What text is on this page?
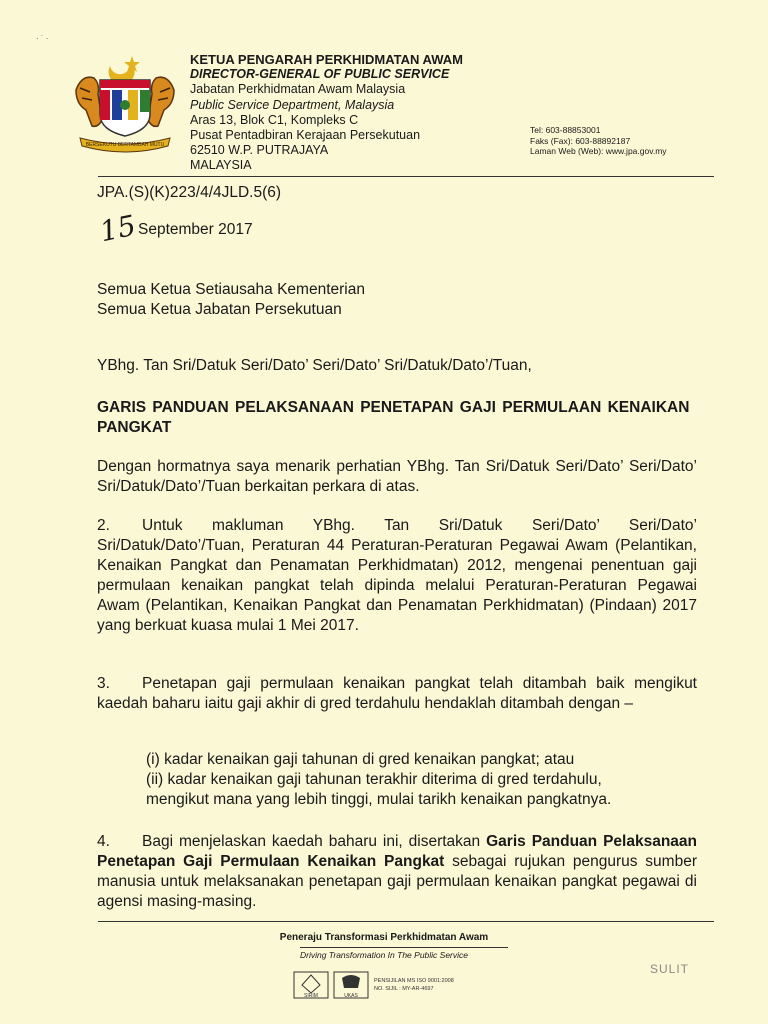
· ˙ ·
BERSEKUTU BERTAMBAH MUTU
KETUA PENGARAH PERKHIDMATAN AWAM
DIRECTOR-GENERAL OF PUBLIC SERVICE
Jabatan Perkhidmatan Awam Malaysia
Public Service Department, Malaysia
Aras 13, Blok C1, Kompleks C
Pusat Pentadbiran Kerajaan Persekutuan
62510 W.P. PUTRAJAYA
MALAYSIA
Tel: 603-88853001
Faks (Fax): 603-88892187
Laman Web (Web): www.jpa.gov.my
JPA.(S)(K)223/4/4JLD.5(6)
15 September 2017
Semua Ketua Setiausaha Kementerian
Semua Ketua Jabatan Persekutuan
YBhg. Tan Sri/Datuk Seri/Dato’ Seri/Dato’ Sri/Datuk/Dato’/Tuan,
GARIS PANDUAN PELAKSANAAN PENETAPAN GAJI PERMULAAN KENAIKAN PANGKAT
Dengan hormatnya saya menarik perhatian YBhg. Tan Sri/Datuk Seri/Dato’ Seri/Dato’ Sri/Datuk/Dato’/Tuan berkaitan perkara di atas.
2. Untuk makluman YBhg. Tan Sri/Datuk Seri/Dato’ Seri/Dato’ Sri/Datuk/Dato’/Tuan, Peraturan 44 Peraturan-Peraturan Pegawai Awam (Pelantikan, Kenaikan Pangkat dan Penamatan Perkhidmatan) 2012, mengenai penentuan gaji permulaan kenaikan pangkat telah dipinda melalui Peraturan-Peraturan Pegawai Awam (Pelantikan, Kenaikan Pangkat dan Penamatan Perkhidmatan) (Pindaan) 2017 yang berkuat kuasa mulai 1 Mei 2017.
3. Penetapan gaji permulaan kenaikan pangkat telah ditambah baik mengikut kaedah baharu iaitu gaji akhir di gred terdahulu hendaklah ditambah dengan –
(i) kadar kenaikan gaji tahunan di gred kenaikan pangkat; atau
(ii) kadar kenaikan gaji tahunan terakhir diterima di gred terdahulu,
mengikut mana yang lebih tinggi, mulai tarikh kenaikan pangkatnya.
4. Bagi menjelaskan kaedah baharu ini, disertakan Garis Panduan Pelaksanaan Penetapan Gaji Permulaan Kenaikan Pangkat sebagai rujukan pengurus sumber manusia untuk melaksanakan penetapan gaji permulaan kenaikan pangkat pegawai di agensi masing-masing.
Peneraju Transformasi Perkhidmatan Awam
Driving Transformation In The Public Service
SIRIM	UKAS
PENSIJILAN MS ISO 9001:2008
NO. SIJIL : MY-AR-4697
SULIT
